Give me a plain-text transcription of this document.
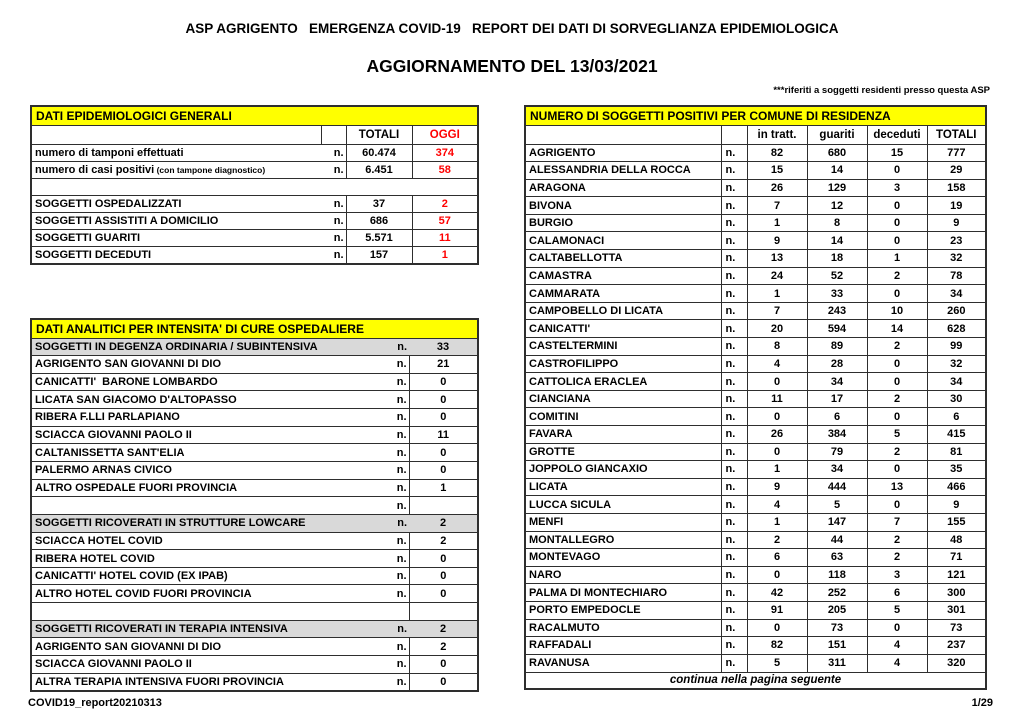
ASP AGRIGENTO   EMERGENZA COVID-19   REPORT DEI DATI DI SORVEGLIANZA EPIDEMIOLOGICA
AGGIORNAMENTO DEL 13/03/2021
***riferiti a soggetti residenti presso questa ASP
DATI EPIDEMIOLOGICI GENERALI			
		TOTALI	OGGI
numero di tamponi effettuati	n.	60.474	374
numero di casi positivi (con tampone diagnostico)	n.	6.451	58

SOGGETTI OSPEDALIZZATI	n.	37	2
SOGGETTI ASSISTITI A DOMICILIO	n.	686	57
SOGGETTI GUARITI	n.	5.571	11
SOGGETTI DECEDUTI	n.	157	1
DATI ANALITICI PER INTENSITA' DI CURE OSPEDALIERE		
SOGGETTI IN DEGENZA ORDINARIA / SUBINTENSIVA	n.	33
AGRIGENTO SAN GIOVANNI DI DIO	n.	21
CANICATTI'  BARONE LOMBARDO	n.	0
LICATA SAN GIACOMO D'ALTOPASSO	n.	0
RIBERA F.LLI PARLAPIANO	n.	0
SCIACCA GIOVANNI PAOLO II	n.	11
CALTANISSETTA SANT'ELIA	n.	0
PALERMO ARNAS CIVICO	n.	0
ALTRO OSPEDALE FUORI PROVINCIA	n.	1
	n.	
SOGGETTI RICOVERATI IN STRUTTURE LOWCARE	n.	2
SCIACCA HOTEL COVID	n.	2
RIBERA HOTEL COVID	n.	0
CANICATTI' HOTEL COVID (EX IPAB)	n.	0
ALTRO HOTEL COVID FUORI PROVINCIA	n.	0

SOGGETTI RICOVERATI IN TERAPIA INTENSIVA	n.	2
AGRIGENTO SAN GIOVANNI DI DIO	n.	2
SCIACCA GIOVANNI PAOLO II	n.	0
ALTRA TERAPIA INTENSIVA FUORI PROVINCIA	n.	0
NUMERO DI SOGGETTI POSITIVI PER COMUNE DI RESIDENZA					
		in tratt.	guariti	deceduti	TOTALI
AGRIGENTO	n.	82	680	15	777
ALESSANDRIA DELLA ROCCA	n.	15	14	0	29
ARAGONA	n.	26	129	3	158
BIVONA	n.	7	12	0	19
BURGIO	n.	1	8	0	9
CALAMONACI	n.	9	14	0	23
CALTABELLOTTA	n.	13	18	1	32
CAMASTRA	n.	24	52	2	78
CAMMARATA	n.	1	33	0	34
CAMPOBELLO DI LICATA	n.	7	243	10	260
CANICATTI'	n.	20	594	14	628
CASTELTERMINI	n.	8	89	2	99
CASTROFILIPPO	n.	4	28	0	32
CATTOLICA ERACLEA	n.	0	34	0	34
CIANCIANA	n.	11	17	2	30
COMITINI	n.	0	6	0	6
FAVARA	n.	26	384	5	415
GROTTE	n.	0	79	2	81
JOPPOLO GIANCAXIO	n.	1	34	0	35
LICATA	n.	9	444	13	466
LUCCA SICULA	n.	4	5	0	9
MENFI	n.	1	147	7	155
MONTALLEGRO	n.	2	44	2	48
MONTEVAGO	n.	6	63	2	71
NARO	n.	0	118	3	121
PALMA DI MONTECHIARO	n.	42	252	6	300
PORTO EMPEDOCLE	n.	91	205	5	301
RACALMUTO	n.	0	73	0	73
RAFFADALI	n.	82	151	4	237
RAVANUSA	n.	5	311	4	320
continua nella pagina seguente					
COVID19_report20210313	1/29
